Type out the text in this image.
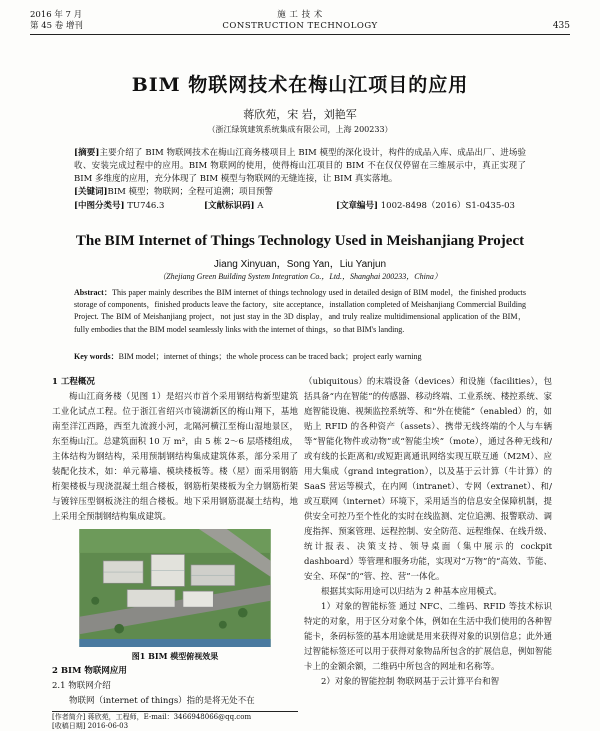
2016 年 7 月
第 45 卷 增刊
施 工 技 术
CONSTRUCTION TECHNOLOGY	435
BIM 物联网技术在梅山江项目的应用
蒋欣苑，宋 岩，刘艳军
（浙江绿筑建筑系统集成有限公司，上海 200233）
[摘要]主要介绍了 BIM 物联网技术在梅山江商务楼项目上 BIM 模型的深化设计，构件的成品入库、成品出厂、进场验收、安装完成过程中的应用。BIM 物联网的使用，使得梅山江项目的 BIM 不在仅仅停留在三维展示中，真正实现了 BIM 多维度的应用，充分体现了 BIM 模型与物联网的无缝连接，让 BIM 真实落地。
[关键词]BIM 模型；物联网；全程可追溯；项目预警
[中图分类号] TU746.3	[文献标识码] A	[文章编号] 1002-8498（2016）S1-0435-03
The BIM Internet of Things Technology Used in Meishanjiang Project
Jiang Xinyuan，Song Yan，Liu Yanjun
（Zhejiang Green Building System Integration Co.，Ltd.，Shanghai 200233，China）
Abstract：This paper mainly describes the BIM internet of things technology used in detailed design of BIM model，the finished products storage of components，finished products leave the factory，site acceptance，installation completed of Meishanjiang Commercial Building Project. The BIM of Meishanjiang project，not just stay in the 3D display，and truly realize multidimensional application of the BIM，fully embodies that the BIM model seamlessly links with the internet of things，so that BIM's landing.
Key words：BIM model；internet of things；the whole process can be traced back；project early warning
1 工程概况
梅山江商务楼（见图 1）是绍兴市首个采用钢结构新型建筑工业化试点工程。位于浙江省绍兴市镜湖新区的梅山翔下，基地南至洋江西路，西至九流渡小河，北隔河横江至梅山湿地景区，东至梅山江。总建筑面积 10 万 m²，由 5 栋 2～6 层塔楼组成，主体结构为钢结构，采用预制钢结构集成建筑体系，部分采用了装配化技术，如：单元幕墙、模块楼板等。楼（屋）面采用钢筋桁架楼板与现浇混凝土组合楼板，钢筋桁架楼板为全力钢筋桁架与镀锌压型钢板浇注的组合楼板。地下采用钢筋混凝土结构，地上采用全预制钢结构集成建筑。
图1 BIM 模型俯视效果
2 BIM 物联网应用
2.1 物联网介绍
物联网（internet of things）指的是将无处不在
[作者简介] 蒋欣苑，工程师，E-mail：3466948066@qq.com
[收稿日期] 2016-06-03
（ubiquitous）的末端设备（devices）和设施（facilities），包括具备“内在智能”的传感器、移动终端、工业系统、楼控系统、家庭智能设施、视频监控系统等、和“外在使能”（enabled）的，如贴上 RFID 的各种资产（assets）、携带无线终端的个人与车辆等“智能化物件或动物”或“智能尘埃”（mote），通过各种无线和/或有线的长距离和/或短距离通讯网络实现互联互通（M2M）、应用大集成（grand integration），以及基于云计算（牛计算）的 SaaS 营运等模式，在内网（intranet）、专网（extranet）、和/或互联网（internet）环境下，采用适当的信息安全保障机制，提供安全可控乃至个性化的实时在线监测、定位追溯、报警联动、调度指挥、预案管理、远程控制、安全防范、远程维保、在线升级、统计报表、决策支持、领导桌面（集中展示的 cockpit dashboard）等管理和服务功能，实现对“万物”的“高效、节能、安全、环保”的“管、控、营”一体化。
根据其实际用途可以归结为 2 种基本应用模式。
1）对象的智能标签 通过 NFC、二维码、RFID 等技术标识特定的对象，用于区分对象个体，例如在生活中我们使用的各种智能卡，条码标签的基本用途就是用来获得对象的识别信息；此外通过智能标签还可以用于获得对象物品所包含的扩展信息，例如智能卡上的金额余额，二维码中所包含的网址和名称等。
2）对象的智能控制 物联网基于云计算平台和智
